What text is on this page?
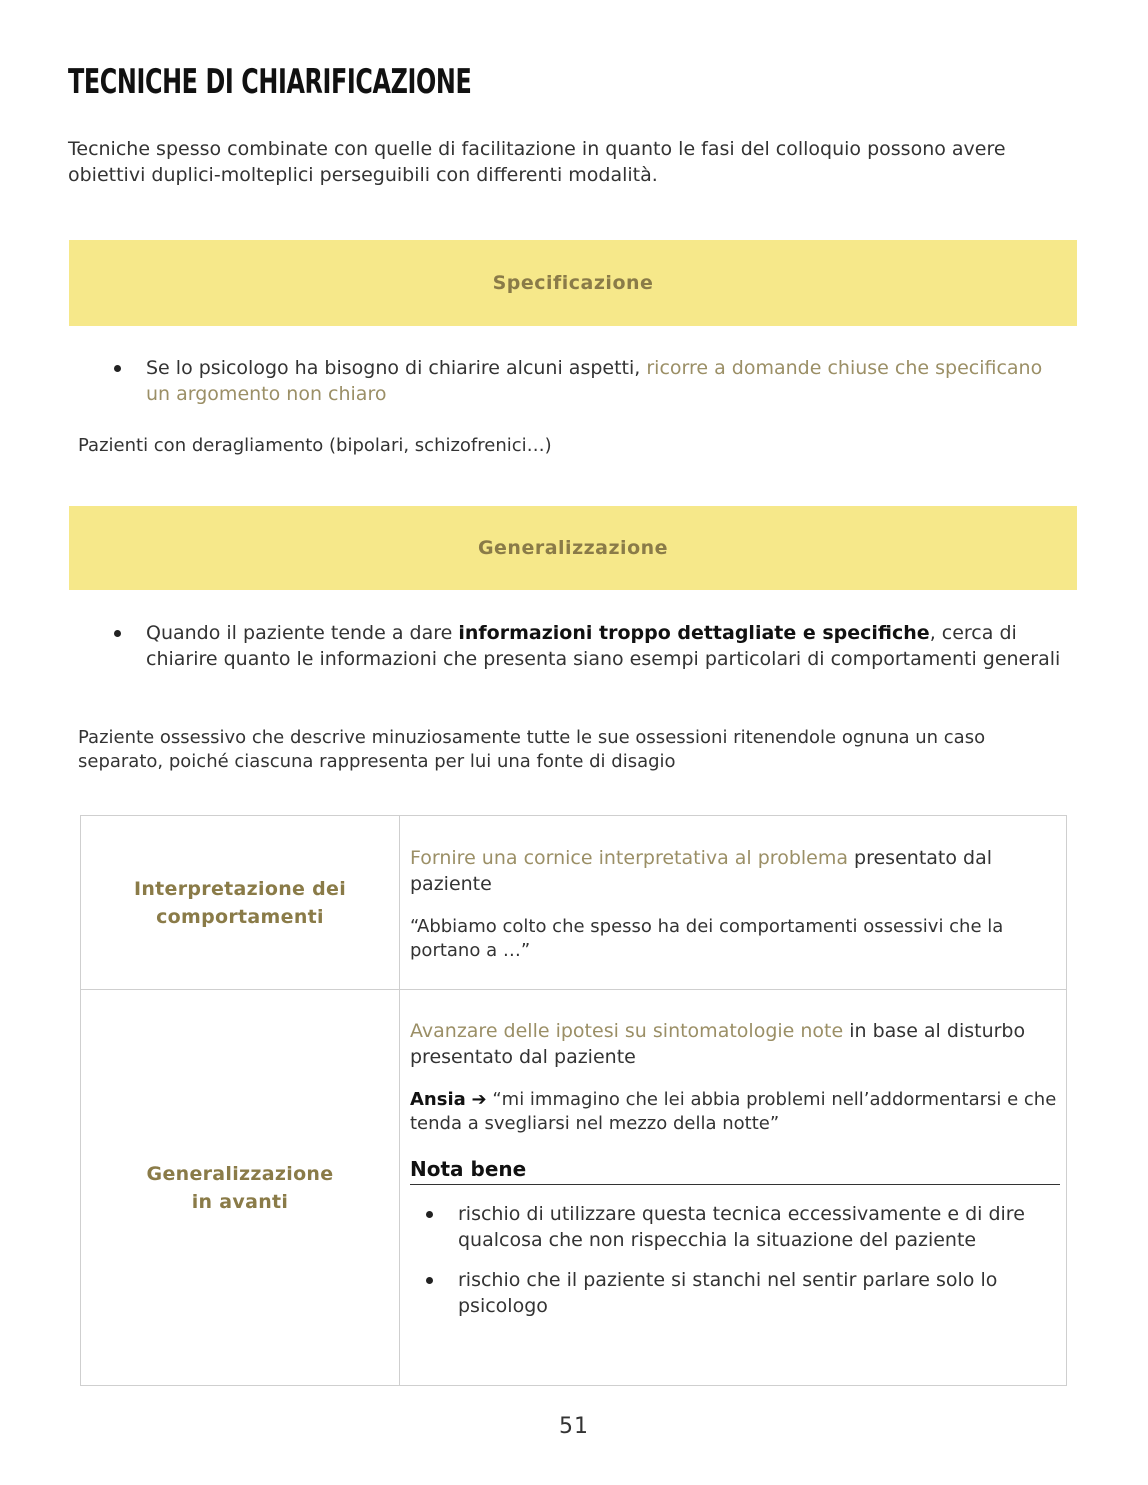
TECNICHE DI CHIARIFICAZIONE

Tecniche spesso combinate con quelle di facilitazione in quanto le fasi del colloquio possono avere obiettivi duplici-molteplici perseguibili con differenti modalità.

Specificazione
Se lo psicologo ha bisogno di chiarire alcuni aspetti, ricorre a domande chiuse che specificano un argomento non chiaro

Pazienti con deragliamento (bipolari, schizofrenici…)

Generalizzazione
Quando il paziente tende a dare informazioni troppo dettagliate e specifiche, cerca di chiarire quanto le informazioni che presenta siano esempi particolari di comportamenti generali

Paziente ossessivo che descrive minuziosamente tutte le sue ossessioni ritenendole ognuna un caso separato, poiché ciascuna rappresenta per lui una fonte di disagio

Interpretazione dei
comportamenti

Fornire una cornice interpretativa al problema presentato dal paziente

“Abbiamo colto che spesso ha dei comportamenti ossessivi che la portano a …”

Generalizzazione
in avanti

Avanzare delle ipotesi su sintomatologie note in base al disturbo presentato dal paziente

Ansia ➔ “mi immagino che lei abbia problemi nell’addormentarsi e che tenda a svegliarsi nel mezzo della notte”

Nota bene
rischio di utilizzare questa tecnica eccessivamente e di dire qualcosa che non rispecchia la situazione del paziente
rischio che il paziente si stanchi nel sentir parlare solo lo psicologo
51
